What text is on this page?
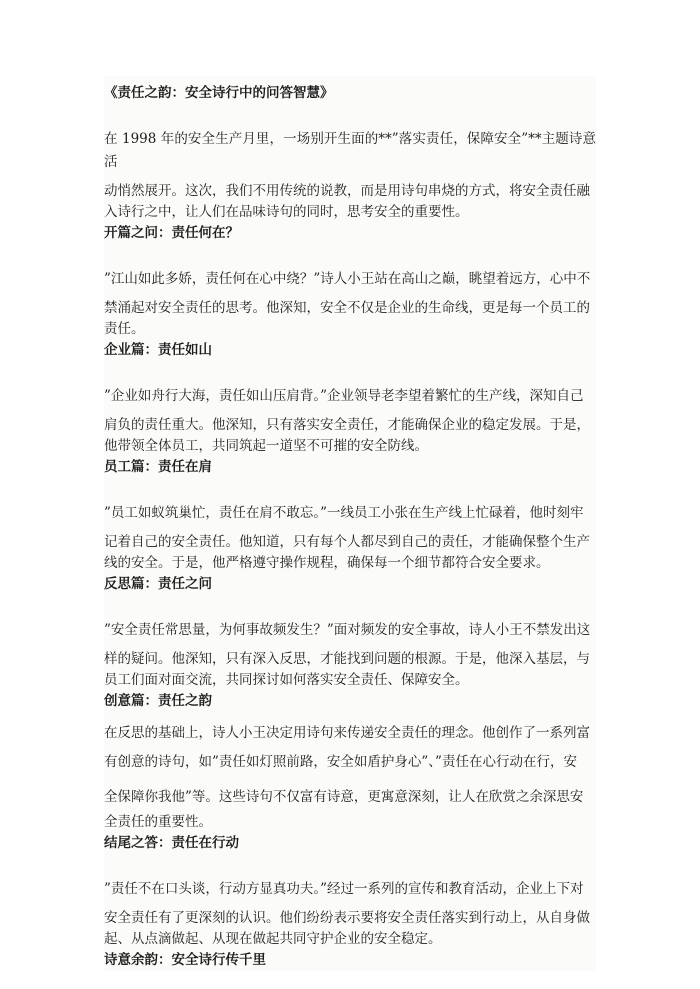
《责任之韵：安全诗行中的问答智慧》

在 1998 年的安全生产月里，一场别开生面的**”落实责任，保障安全”**主题诗意活

动悄然展开。这次，我们不用传统的说教，而是用诗句串烧的方式，将安全责任融

入诗行之中，让人们在品味诗句的同时，思考安全的重要性。

开篇之问：责任何在？

”江山如此多娇，责任何在心中绕？”诗人小王站在高山之巅，眺望着远方，心中不

禁涌起对安全责任的思考。他深知，安全不仅是企业的生命线，更是每一个员工的

责任。

企业篇：责任如山

”企业如舟行大海，责任如山压肩背。”企业领导老李望着繁忙的生产线，深知自己

肩负的责任重大。他深知，只有落实安全责任，才能确保企业的稳定发展。于是，

他带领全体员工，共同筑起一道坚不可摧的安全防线。

员工篇：责任在肩

”员工如蚁筑巢忙，责任在肩不敢忘。”一线员工小张在生产线上忙碌着，他时刻牢

记着自己的安全责任。他知道，只有每个人都尽到自己的责任，才能确保整个生产

线的安全。于是，他严格遵守操作规程，确保每一个细节都符合安全要求。

反思篇：责任之问

”安全责任常思量，为何事故频发生？”面对频发的安全事故，诗人小王不禁发出这

样的疑问。他深知，只有深入反思，才能找到问题的根源。于是，他深入基层，与

员工们面对面交流，共同探讨如何落实安全责任、保障安全。

创意篇：责任之韵

在反思的基础上，诗人小王决定用诗句来传递安全责任的理念。他创作了一系列富

有创意的诗句，如”责任如灯照前路，安全如盾护身心”、”责任在心行动在行，安

全保障你我他”等。这些诗句不仅富有诗意，更寓意深刻，让人在欣赏之余深思安

全责任的重要性。

结尾之答：责任在行动

”责任不在口头谈，行动方显真功夫。”经过一系列的宣传和教育活动，企业上下对

安全责任有了更深刻的认识。他们纷纷表示要将安全责任落实到行动上，从自身做

起、从点滴做起、从现在做起共同守护企业的安全稳定。

诗意余韵：安全诗行传千里
